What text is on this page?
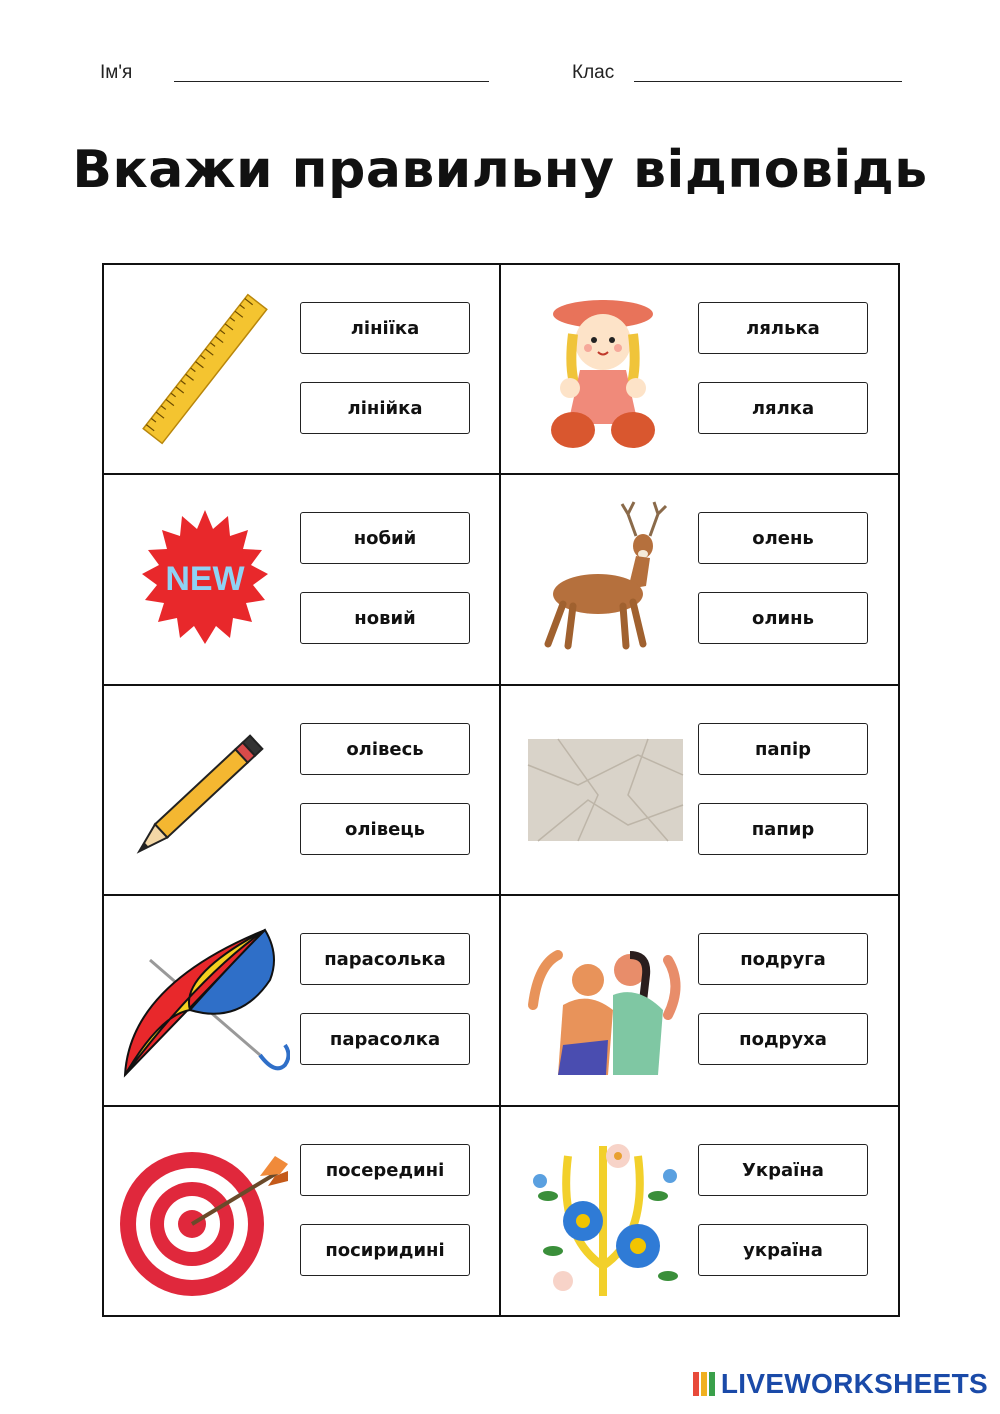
Ім'я	Клас
Вкажи правильну відповідь
лініїка
лінійка
лялька
лялка
NEW
нобий
новий
олень
олинь
олівесь
олівець
папір
папир
парасолька
парасолка
подруга
подруха
посередині
посиридині
Україна
україна
LIVEWORKSHEETS
